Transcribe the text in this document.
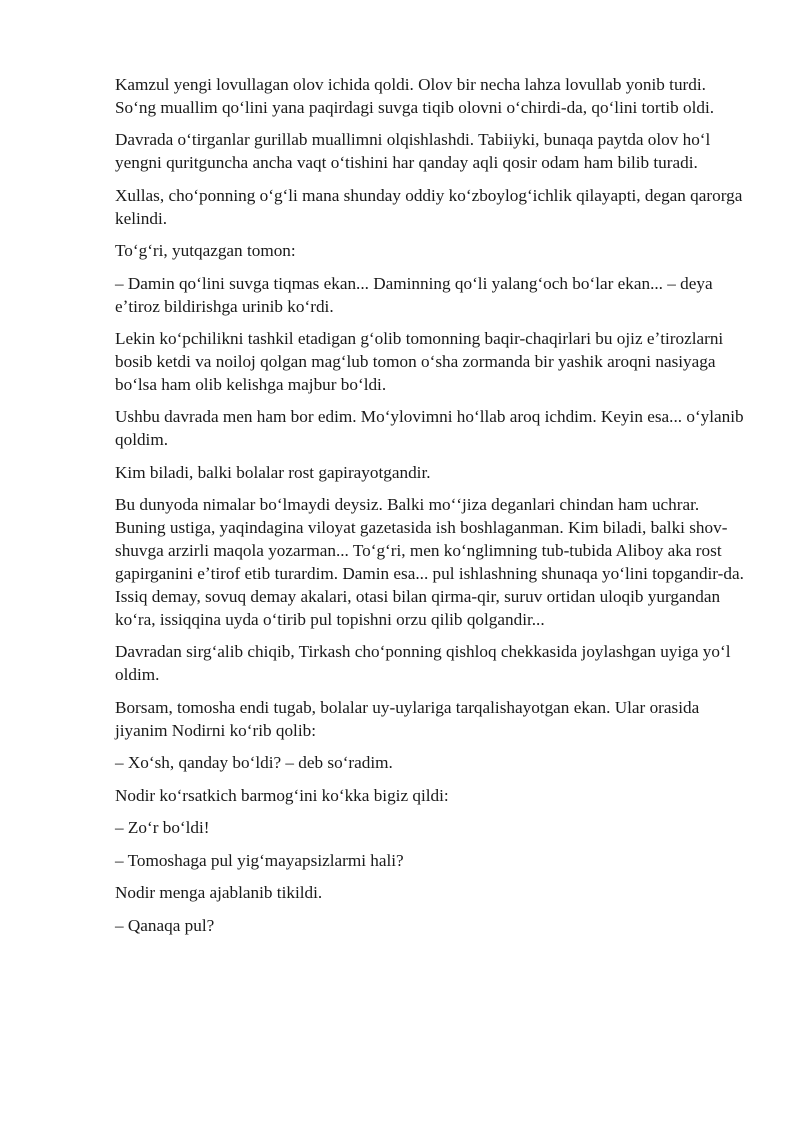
Kamzul yengi lovullagan olov ichida qoldi. Olov bir necha lahza lovullab yonib turdi. Soʻng muallim qoʻlini yana paqirdagi suvga tiqib olovni oʻchirdi-da, qoʻlini tortib oldi.

Davrada oʻtirganlar gurillab muallimni olqishlashdi. Tabiiyki, bunaqa paytda olov hoʻl yengni quritguncha ancha vaqt oʻtishini har qanday aqli qosir odam ham bilib turadi.

Xullas, choʻponning oʻgʻli mana shunday oddiy koʻzboylogʻichlik qilayapti, degan qarorga kelindi.

Toʻgʻri, yutqazgan tomon:

– Damin qoʻlini suvga tiqmas ekan... Daminning qoʻli yalangʻoch boʻlar ekan... – deya eʼtiroz bildirishga urinib koʻrdi.

Lekin koʻpchilikni tashkil etadigan gʻolib tomonning baqir-chaqirlari bu ojiz eʼtirozlarni bosib ketdi va noiloj qolgan magʻlub tomon oʻsha zormanda bir yashik aroqni nasiyaga boʻlsa ham olib kelishga majbur boʻldi.

Ushbu davrada men ham bor edim. Moʻylovimni hoʻllab aroq ichdim. Keyin esa... oʻylanib qoldim.

Kim biladi, balki bolalar rost gapirayotgandir.

Bu dunyoda nimalar boʻlmaydi deysiz. Balki moʻʻjiza deganlari chindan ham uchrar. Buning ustiga, yaqindagina viloyat gazetasida ish boshlaganman. Kim biladi, balki shov-shuvga arzirli maqola yozarman... Toʻgʻri, men koʻnglimning tub-tubida Aliboy aka rost gapirganini eʼtirof etib turardim. Damin esa... pul ishlashning shunaqa yoʻlini topgandir-da. Issiq demay, sovuq demay akalari, otasi bilan qirma-qir, suruv ortidan uloqib yurgandan koʻra, issiqqina uyda oʻtirib pul topishni orzu qilib qolgandir...

Davradan sirgʻalib chiqib, Tirkash choʻponning qishloq chekkasida joylashgan uyiga yoʻl oldim.

Borsam, tomosha endi tugab, bolalar uy-uylariga tarqalishayotgan ekan. Ular orasida jiyanim Nodirni koʻrib qolib:

– Xoʻsh, qanday boʻldi? – deb soʻradim.

Nodir koʻrsatkich barmogʻini koʻkka bigiz qildi:

– Zoʻr boʻldi!

– Tomoshaga pul yigʻmayapsizlarmi hali?

Nodir menga ajablanib tikildi.

– Qanaqa pul?
